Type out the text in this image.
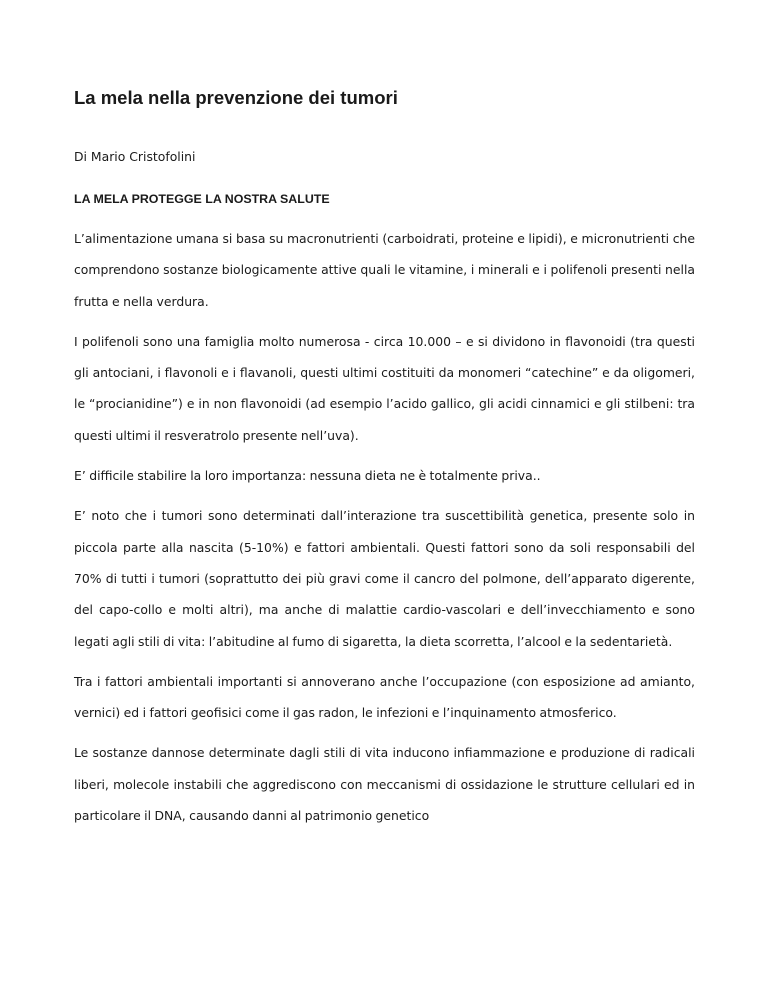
La mela nella prevenzione dei tumori

Di Mario Cristofolini

LA MELA PROTEGGE LA NOSTRA SALUTE

L’alimentazione umana si basa su macronutrienti (carboidrati, proteine e lipidi), e micronutrienti che comprendono sostanze biologicamente attive quali le vitamine, i minerali e i polifenoli presenti nella frutta e nella verdura.

I polifenoli sono una famiglia molto numerosa - circa 10.000 – e si dividono in flavonoidi (tra questi gli antociani, i flavonoli e i flavanoli, questi ultimi costituiti da monomeri “catechine” e da oligomeri, le “procianidine”) e in non flavonoidi (ad esempio l’acido gallico, gli acidi cinnamici e gli stilbeni: tra questi ultimi il resveratrolo presente nell’uva).

E’ difficile stabilire la loro importanza: nessuna dieta ne è totalmente priva..

E’ noto che i tumori sono determinati dall’interazione tra suscettibilità genetica, presente solo in piccola parte alla nascita (5-10%) e fattori ambientali. Questi fattori sono da soli responsabili del 70% di tutti i tumori (soprattutto dei più gravi come il cancro del polmone, dell’apparato digerente, del capo-collo e molti altri), ma anche di malattie cardio-vascolari e dell’invecchiamento e sono legati agli stili di vita: l’abitudine al fumo di sigaretta, la dieta scorretta, l’alcool e la sedentarietà.

Tra i fattori ambientali importanti si annoverano anche l’occupazione (con esposizione ad amianto, vernici) ed i fattori geofisici come il gas radon, le infezioni e l’inquinamento atmosferico.

Le sostanze dannose determinate dagli stili di vita inducono infiammazione e produzione di radicali liberi, molecole instabili che aggrediscono con meccanismi di ossidazione le strutture cellulari ed in particolare il DNA, causando danni al patrimonio genetico
